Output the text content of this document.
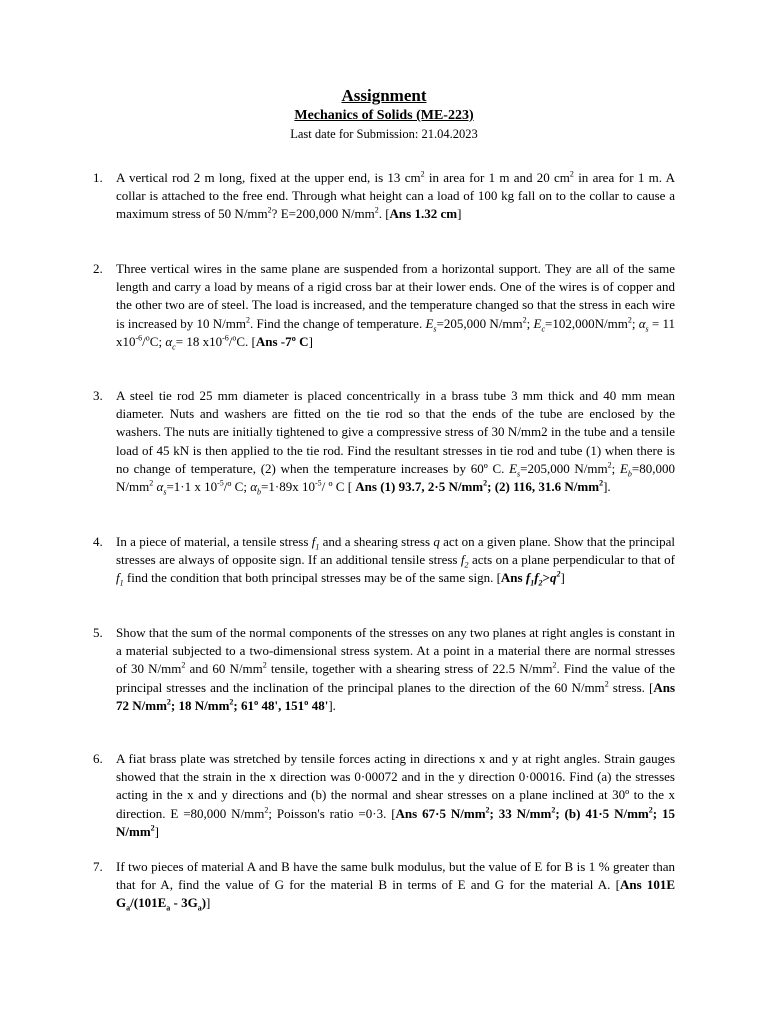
Assignment
Mechanics of Solids (ME-223)
Last date for Submission: 21.04.2023
1.	A vertical rod 2 m long, fixed at the upper end, is 13 $cm^2$ in area for 1 m and 20 $cm^2$ in area for 1 m. A collar is attached to the free end. Through what height can a load of 100 kg fall on to the collar to cause a maximum stress of 50 $N/mm^2$? E=200,000 $N/mm^2$. [Ans 1.32 cm]
2.	Three vertical wires in the same plane are suspended from a horizontal support. They are all of the same length and carry a load by means of a rigid cross bar at their lower ends. One of the wires is of copper and the other two are of steel. The load is increased, and the temperature changed so that the stress in each wire is increased by 10 $N/mm^2$. Find the change of temperature. $E_s=205,000$ $N/mm^2$; $E_c=102,000N/mm^2$; $\alpha_s = 11$ $x10^{-6}/^oC$; $\alpha_c= 18$ $x10^{-6}/^oC$. [Ans -7º C]
3.	A steel tie rod 25 mm diameter is placed concentrically in a brass tube 3 mm thick and 40 mm mean diameter. Nuts and washers are fitted on the tie rod so that the ends of the tube are enclosed by the washers. The nuts are initially tightened to give a compressive stress of 30 N/mm2 in the tube and a tensile load of 45 kN is then applied to the tie rod. Find the resultant stresses in tie rod and tube (1) when there is no change of temperature, (2) when the temperature increases by 60º C. $E_s=205,000$ $N/mm^2$; $E_b=80,000$ $N/mm^2$ $\alpha_s=1\cdot 1$ x $10^{-5}/º$ C; $\alpha_b=1\cdot 89x$ $10^{-5}/$ º C [ Ans (1) 93.7, 2·5 $N/mm^2$; (2) 116, 31.6 $N/mm^2$].
4.	In a piece of material, a tensile stress $f_1$ and a shearing stress q act on a given plane. Show that the principal stresses are always of opposite sign. If an additional tensile stress $f_2$ acts on a plane perpendicular to that of $f_1$ find the condition that both principal stresses may be of the same sign. [Ans $f_1f_2>q^2$]
5.	Show that the sum of the normal components of the stresses on any two planes at right angles is constant in a material subjected to a two-dimensional stress system. At a point in a material there are normal stresses of 30 $N/mm^2$ and 60 $N/mm^2$ tensile, together with a shearing stress of 22.5 $N/mm^2$. Find the value of the principal stresses and the inclination of the principal planes to the direction of the 60 $N/mm^2$ stress. [Ans 72 $N/mm^2$; 18 $N/mm^2$; 61º 48', 151º 48'].
6.	A fiat brass plate was stretched by tensile forces acting in directions x and y at right angles. Strain gauges showed that the strain in the x direction was 0·00072 and in the y direction 0·00016. Find (a) the stresses acting in the x and y directions and (b) the normal and shear stresses on a plane inclined at 30º to the x direction. E =80,000 $N/mm^2$; Poisson's ratio =0·3. [Ans 67·5 $N/mm^2$; 33 $N/mm^2$; (b) 41·5 $N/mm^2$; 15 $N/mm^2$]
7.	If two pieces of material A and B have the same bulk modulus, but the value of E for B is 1 % greater than that for A, find the value of G for the material B in terms of E and G for the material A. [Ans 101E $G_a/(101E_a - 3G_a)$]
